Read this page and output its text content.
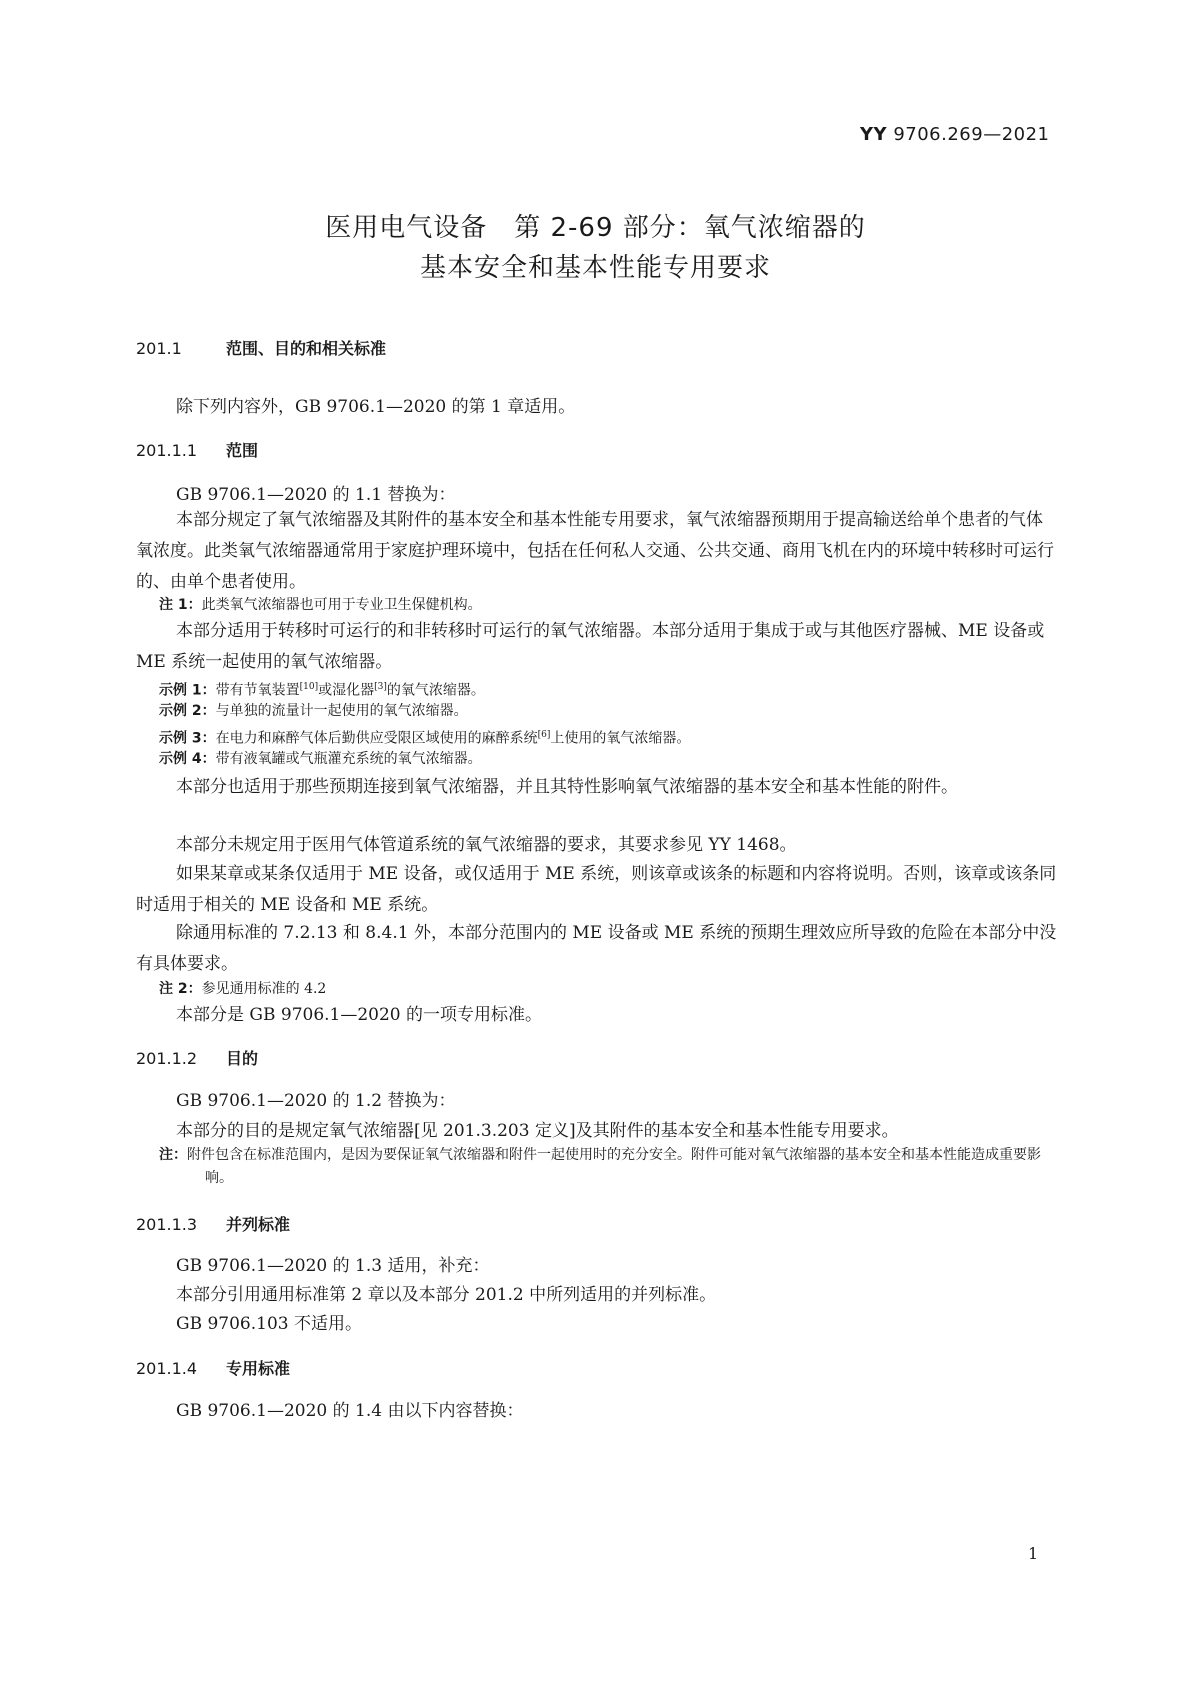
YY 9706.269—2021
医用电气设备　第 2-69 部分：氧气浓缩器的
基本安全和基本性能专用要求
201.1	范围、目的和相关标准
除下列内容外，GB 9706.1—2020 的第 1 章适用。
201.1.1 范围
GB 9706.1—2020 的 1.1 替换为：
本部分规定了氧气浓缩器及其附件的基本安全和基本性能专用要求，氧气浓缩器预期用于提高输送给单个患者的气体氧浓度。此类氧气浓缩器通常用于家庭护理环境中，包括在任何私人交通、公共交通、商用飞机在内的环境中转移时可运行的、由单个患者使用。
注 1：此类氧气浓缩器也可用于专业卫生保健机构。
本部分适用于转移时可运行的和非转移时可运行的氧气浓缩器。本部分适用于集成于或与其他医疗器械、ME 设备或 ME 系统一起使用的氧气浓缩器。
示例 1：带有节氧装置[10]或湿化器[3]的氧气浓缩器。
示例 2：与单独的流量计一起使用的氧气浓缩器。
示例 3：在电力和麻醉气体后勤供应受限区域使用的麻醉系统[6]上使用的氧气浓缩器。
示例 4：带有液氧罐或气瓶灌充系统的氧气浓缩器。
本部分也适用于那些预期连接到氧气浓缩器，并且其特性影响氧气浓缩器的基本安全和基本性能的附件。
本部分未规定用于医用气体管道系统的氧气浓缩器的要求，其要求参见 YY 1468。
如果某章或某条仅适用于 ME 设备，或仅适用于 ME 系统，则该章或该条的标题和内容将说明。否则，该章或该条同时适用于相关的 ME 设备和 ME 系统。
除通用标准的 7.2.13 和 8.4.1 外，本部分范围内的 ME 设备或 ME 系统的预期生理效应所导致的危险在本部分中没有具体要求。
注 2：参见通用标准的 4.2
本部分是 GB 9706.1—2020 的一项专用标准。
201.1.2 目的
GB 9706.1—2020 的 1.2 替换为：
本部分的目的是规定氧气浓缩器[见 201.3.203 定义]及其附件的基本安全和基本性能专用要求。
注：附件包含在标准范围内，是因为要保证氧气浓缩器和附件一起使用时的充分安全。附件可能对氧气浓缩器的基本安全和基本性能造成重要影响。
201.1.3 并列标准
GB 9706.1—2020 的 1.3 适用，补充：
本部分引用通用标准第 2 章以及本部分 201.2 中所列适用的并列标准。
GB 9706.103 不适用。
201.1.4 专用标准
GB 9706.1—2020 的 1.4 由以下内容替换：
1
